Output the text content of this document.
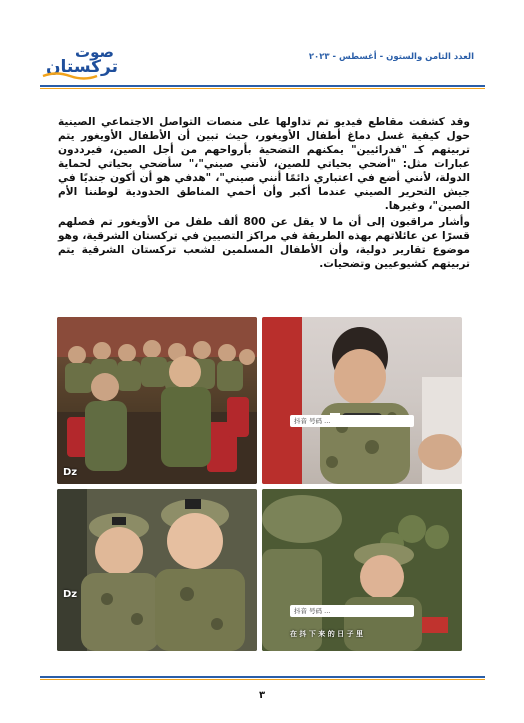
العدد الثامن والستون - أغسطس - ٢٠٢٣
صوت
تركستان
وقد كشفت مقاطع فيديو تم تداولها على منصات التواصل الاجتماعي الصينية حول كيفية غسل دماغ أطفال الأويغور، حيث تبين أن الأطفال الأويغور يتم تربيتهم كـ "فدرائيين" يمكنهم التضحية بأرواحهم من أجل الصين، فيرددون عبارات مثل: "أضحي بحياتي للصين، لأنني صيني"،" سأضحي بحياتي لحماية الدولة، لأنني أضع في اعتباري دائمًا أنني صيني"، "هدفي هو أن أكون جنديًا في جيش التحرير الصيني عندما أكبر وأن أحمي المناطق الحدودية لوطننا الأم الصين"، وغيرها.
وأشار مراقبون إلى أن ما لا يقل عن 800 ألف طفل من الأويغور تم فصلهم قسرًا عن عائلاتهم بهذه الطريقة في مراكز التصيين في تركستان الشرقية، وهو موضوع تقارير دولية، وأن الأطفال المسلمين لشعب تركستان الشرقية يتم تربيتهم كشيوعيين وتضحيات.
Dz
抖音 号码 ...
Dz
抖音 号码 ...
在 抖 下 来 的 日 子 里
٣
